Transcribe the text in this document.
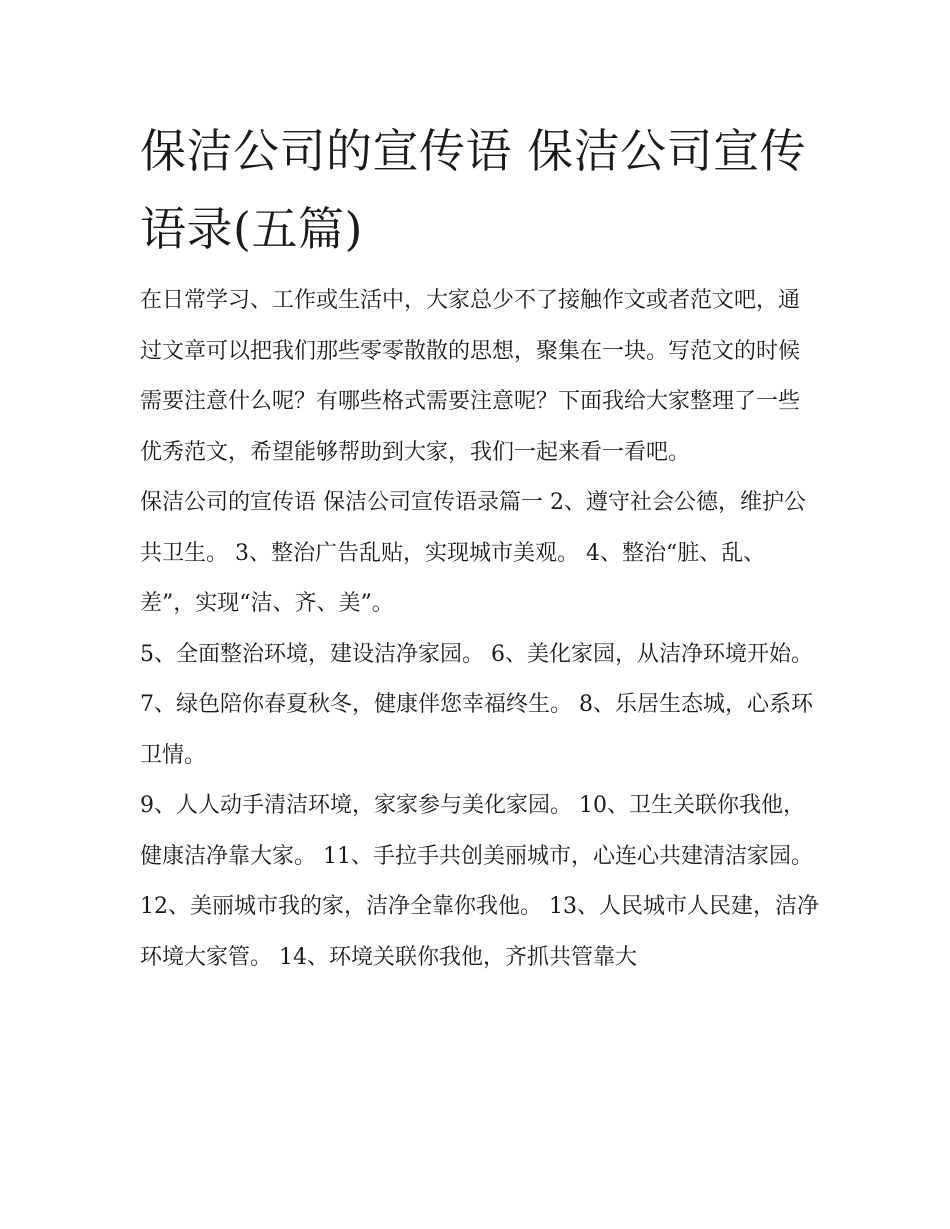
保洁公司的宣传语 保洁公司宣传语录(五篇)

在日常学习、工作或生活中，大家总少不了接触作文或者范文吧，通过文章可以把我们那些零零散散的思想，聚集在一块。写范文的时候需要注意什么呢？有哪些格式需要注意呢？下面我给大家整理了一些优秀范文，希望能够帮助到大家，我们一起来看一看吧。

保洁公司的宣传语 保洁公司宣传语录篇一 2、遵守社会公德，维护公共卫生。 3、整治广告乱贴，实现城市美观。 4、整治“脏、乱、差”，实现“洁、齐、美”。

5、全面整治环境，建设洁净家园。 6、美化家园，从洁净环境开始。 7、绿色陪你春夏秋冬，健康伴您幸福终生。 8、乐居生态城，心系环卫情。

9、人人动手清洁环境，家家参与美化家园。 10、卫生关联你我他，健康洁净靠大家。 11、手拉手共创美丽城市，心连心共建清洁家园。

12、美丽城市我的家，洁净全靠你我他。 13、人民城市人民建，洁净环境大家管。 14、环境关联你我他，齐抓共管靠大
